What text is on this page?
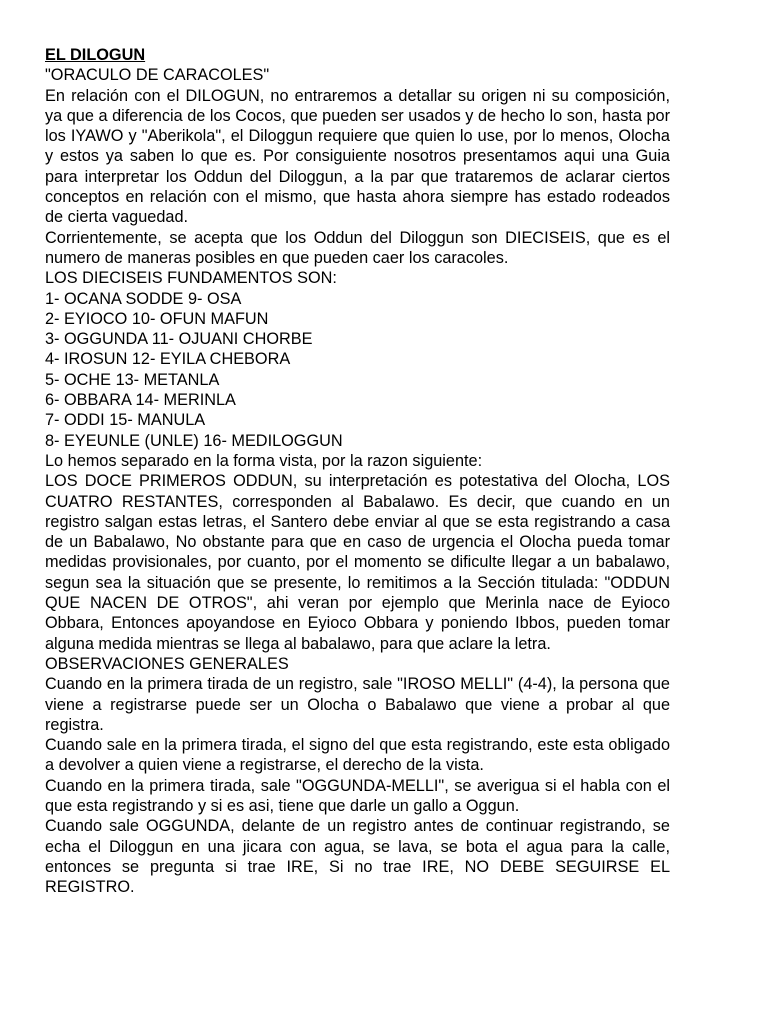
EL DILOGUN

"ORACULO DE CARACOLES"

En relación con el DILOGUN, no entraremos a detallar su origen ni su composición, ya que a diferencia de los Cocos, que pueden ser usados y de hecho lo son, hasta por los IYAWO y "Aberikola", el Diloggun requiere que quien lo use, por lo menos, Olocha y estos ya saben lo que es. Por consiguiente nosotros presentamos aqui una Guia para interpretar los Oddun del Diloggun, a la par que trataremos de aclarar ciertos conceptos en relación con el mismo, que hasta ahora siempre has estado rodeados de cierta vaguedad.

Corrientemente, se acepta que los Oddun del Diloggun son DIECISEIS, que es el numero de maneras posibles en que pueden caer los caracoles.

LOS DIECISEIS FUNDAMENTOS SON:

1- OCANA SODDE 9- OSA

2- EYIOCO 10- OFUN MAFUN

3- OGGUNDA 11- OJUANI CHORBE

4- IROSUN 12- EYILA CHEBORA

5- OCHE 13- METANLA

6- OBBARA 14- MERINLA

7- ODDI 15- MANULA

8- EYEUNLE (UNLE) 16- MEDILOGGUN

Lo hemos separado en la forma vista, por la razon siguiente:

LOS DOCE PRIMEROS ODDUN, su interpretación es potestativa del Olocha, LOS CUATRO RESTANTES, corresponden al Babalawo. Es decir, que cuando en un registro salgan estas letras, el Santero debe enviar al que se esta registrando a casa de un Babalawo, No obstante para que en caso de urgencia el Olocha pueda tomar medidas provisionales, por cuanto, por el momento se dificulte llegar a un babalawo, segun sea la situación que se presente, lo remitimos a la Sección titulada: "ODDUN QUE NACEN DE OTROS", ahi veran por ejemplo que Merinla nace de Eyioco Obbara, Entonces apoyandose en Eyioco Obbara y poniendo Ibbos, pueden tomar alguna medida mientras se llega al babalawo, para que aclare la letra.

OBSERVACIONES GENERALES

Cuando en la primera tirada de un registro, sale "IROSO MELLI" (4-4), la persona que viene a registrarse puede ser un Olocha o Babalawo que viene a probar al que registra.

Cuando sale en la primera tirada, el signo del que esta registrando, este esta obligado a devolver a quien viene a registrarse, el derecho de la vista.

Cuando en la primera tirada, sale "OGGUNDA-MELLI", se averigua si el habla con el que esta registrando y si es asi, tiene que darle un gallo a Oggun.

Cuando sale OGGUNDA, delante de un registro antes de continuar registrando, se echa el Diloggun en una jicara con agua, se lava, se bota el agua para la calle, entonces se pregunta si trae IRE, Si no trae IRE, NO DEBE SEGUIRSE EL REGISTRO.
